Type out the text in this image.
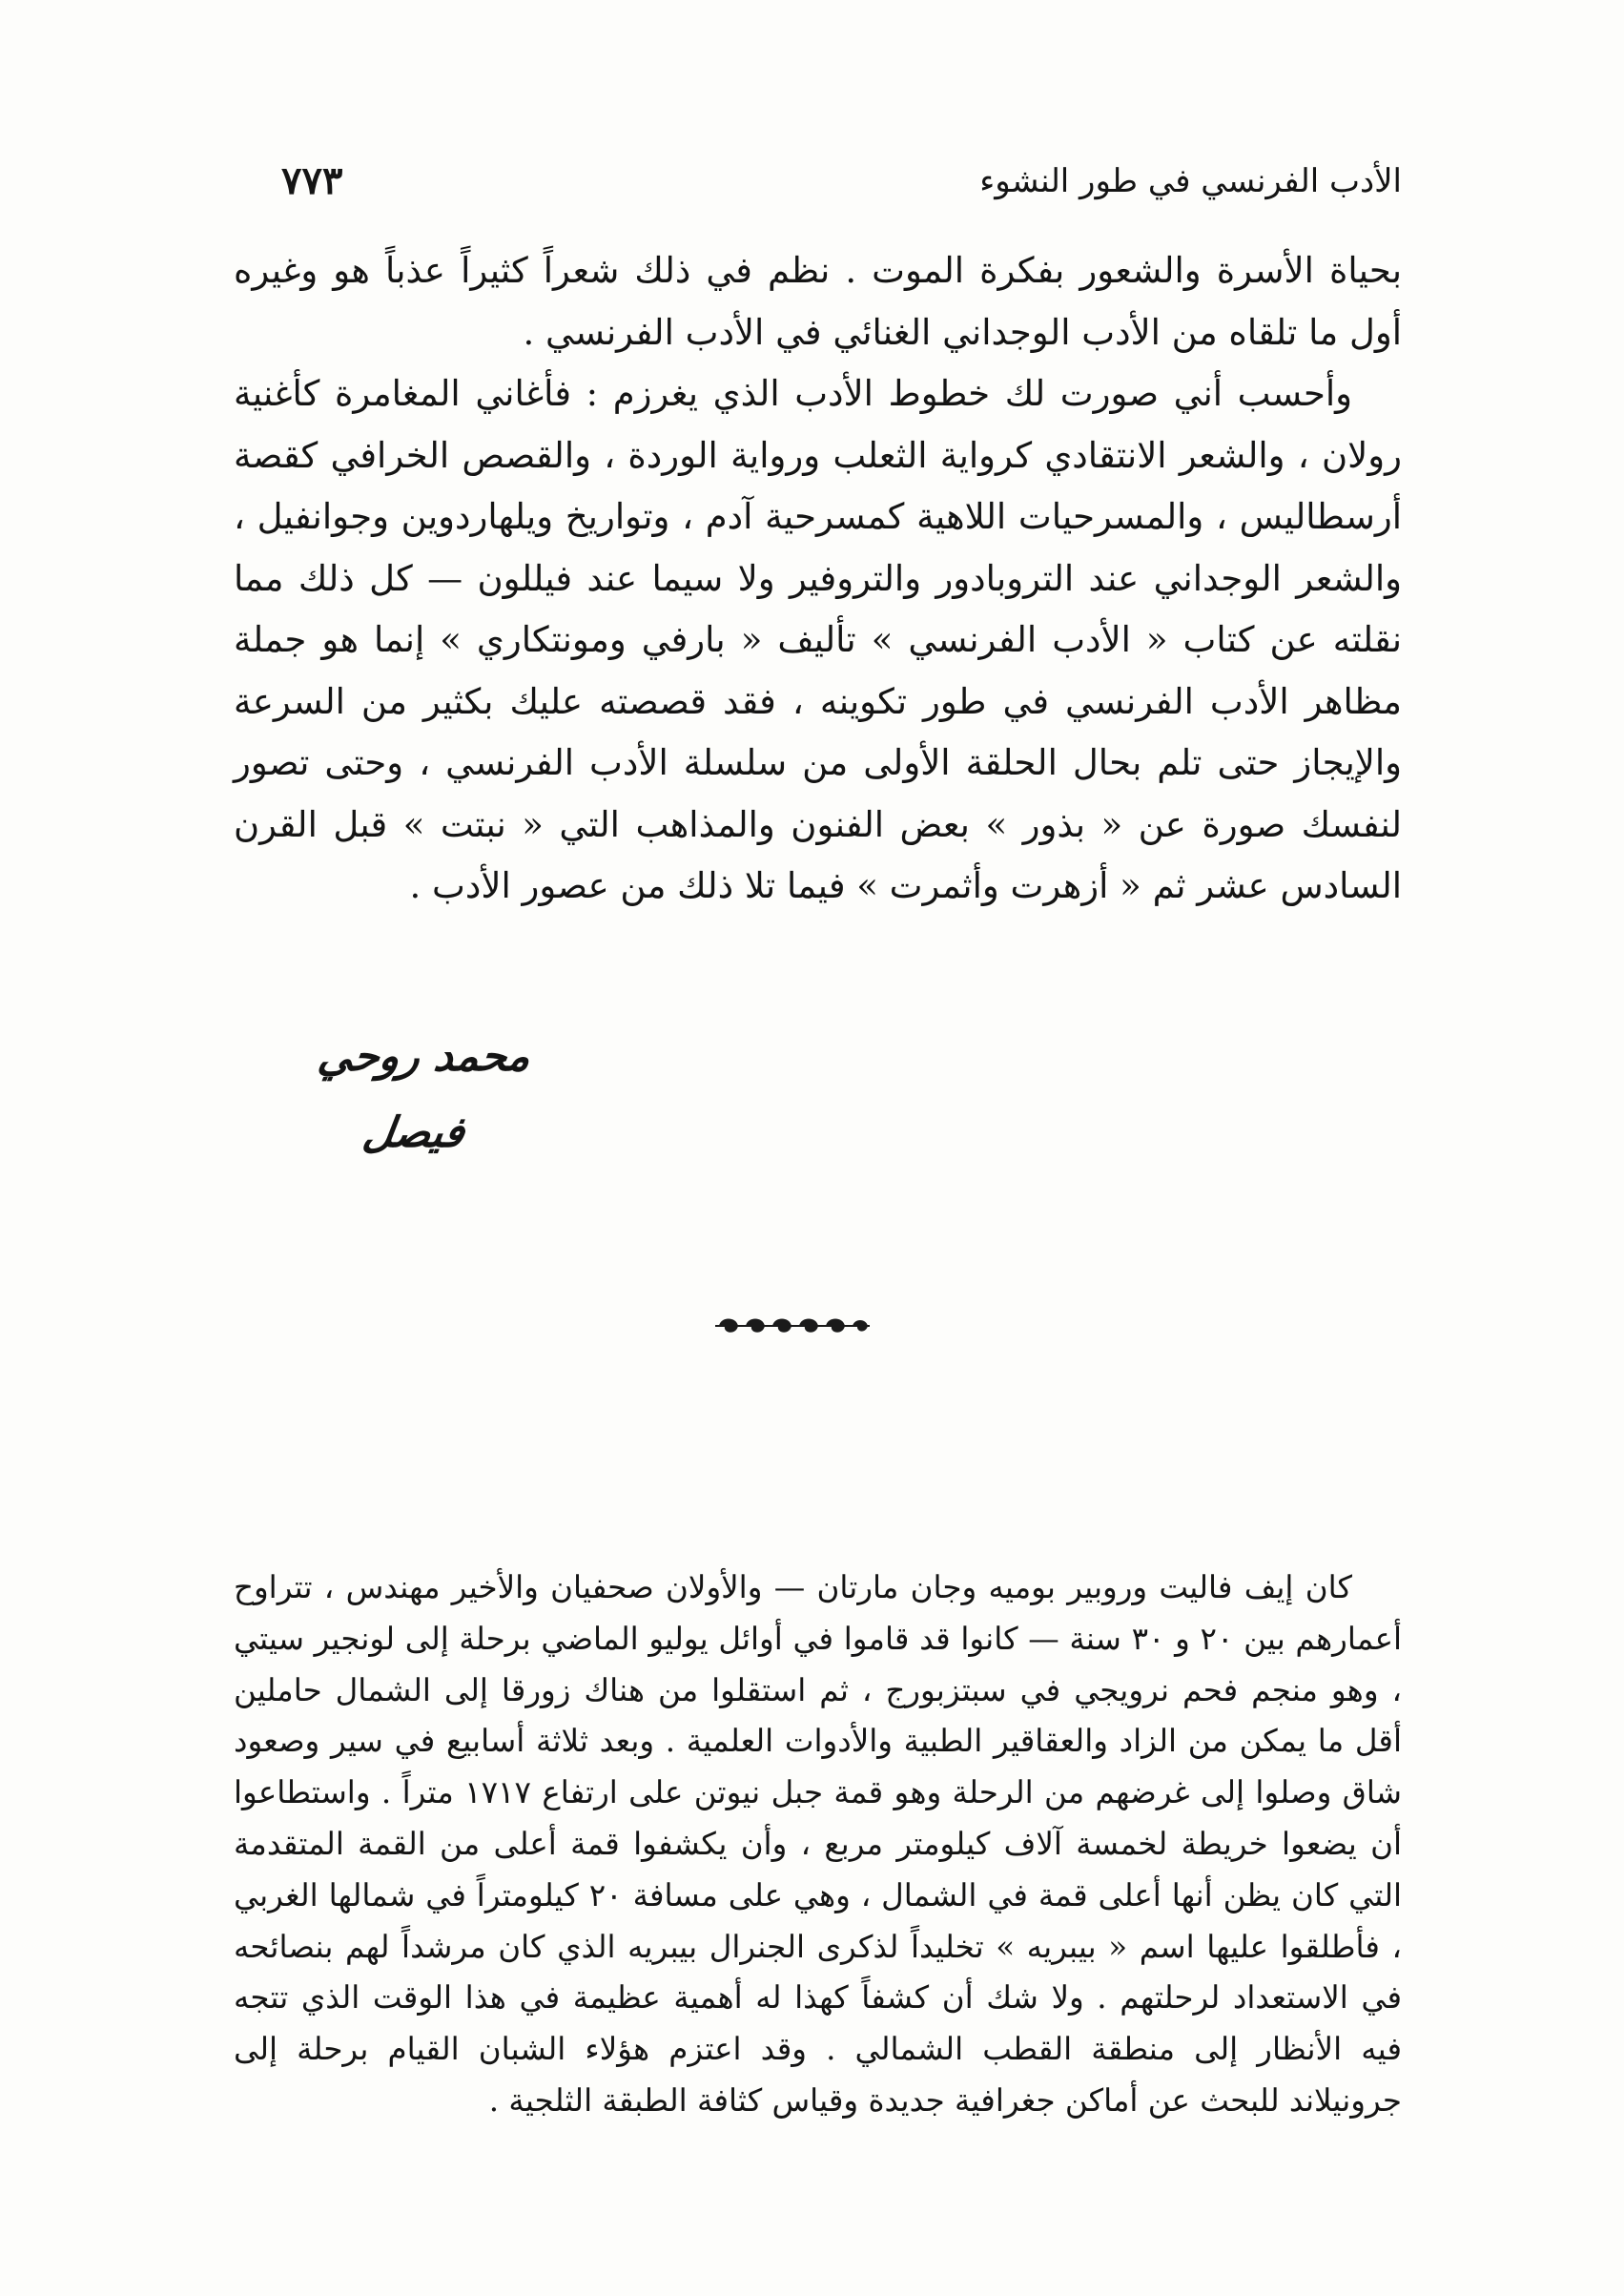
الأدب الفرنسي في طور النشوء
٧٧٣

بحياة الأسرة والشعور بفكرة الموت . نظم في ذلك شعراً كثيراً عذباً هو وغيره أول ما تلقاه من الأدب الوجداني الغنائي في الأدب الفرنسي .

وأحسب أني صورت لك خطوط الأدب الذي يغرزم : فأغاني المغامرة كأغنية رولان ، والشعر الانتقادي كرواية الثعلب ورواية الوردة ، والقصص الخرافي كقصة أرسطاليس ، والمسرحيات اللاهية كمسرحية آدم ، وتواريخ ويلهاردوين وجوانفيل ، والشعر الوجداني عند التروبادور والتروفير ولا سيما عند فيللون — كل ذلك مما نقلته عن كتاب « الأدب الفرنسي » تأليف « بارفي ومونتكاري » إنما هو جملة مظاهر الأدب الفرنسي في طور تكوينه ، فقد قصصته عليك بكثير من السرعة والإيجاز حتى تلم بحال الحلقة الأولى من سلسلة الأدب الفرنسي ، وحتى تصور لنفسك صورة عن « بذور » بعض الفنون والمذاهب التي « نبتت » قبل القرن السادس عشر ثم « أزهرت وأثمرت » فيما تلا ذلك من عصور الأدب .

محمد روحي فيصل

كان إيف فاليت وروبير بوميه وجان مارتان — والأولان صحفيان والأخير مهندس ، تتراوح أعمارهم بين ٢٠ و ٣٠ سنة — كانوا قد قاموا في أوائل يوليو الماضي برحلة إلى لونجير سيتي ، وهو منجم فحم نرويجي في سبتزبورج ، ثم استقلوا من هناك زورقا إلى الشمال حاملين أقل ما يمكن من الزاد والعقاقير الطبية والأدوات العلمية . وبعد ثلاثة أسابيع في سير وصعود شاق وصلوا إلى غرضهم من الرحلة وهو قمة جبل نيوتن على ارتفاع ١٧١٧ متراً . واستطاعوا أن يضعوا خريطة لخمسة آلاف كيلومتر مربع ، وأن يكشفوا قمة أعلى من القمة المتقدمة التي كان يظن أنها أعلى قمة في الشمال ، وهي على مسافة ٢٠ كيلومتراً في شمالها الغربي ، فأطلقوا عليها اسم « بيبريه » تخليداً لذكرى الجنرال بيبريه الذي كان مرشداً لهم بنصائحه في الاستعداد لرحلتهم . ولا شك أن كشفاً كهذا له أهمية عظيمة في هذا الوقت الذي تتجه فيه الأنظار إلى منطقة القطب الشمالي . وقد اعتزم هؤلاء الشبان القيام برحلة إلى جرونيلاند للبحث عن أماكن جغرافية جديدة وقياس كثافة الطبقة الثلجية .
